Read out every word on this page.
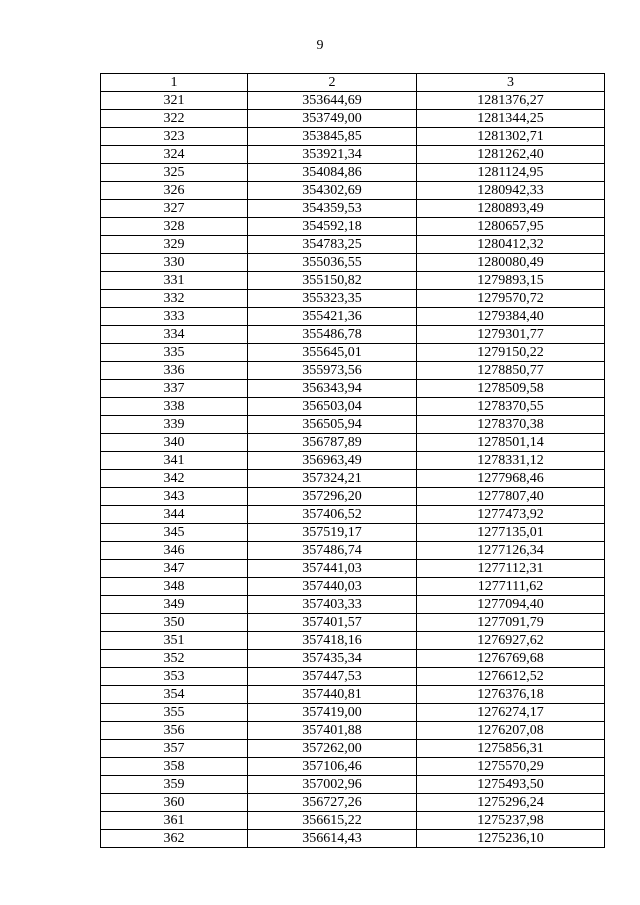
9
1	2	3
321	353644,69	1281376,27
322	353749,00	1281344,25
323	353845,85	1281302,71
324	353921,34	1281262,40
325	354084,86	1281124,95
326	354302,69	1280942,33
327	354359,53	1280893,49
328	354592,18	1280657,95
329	354783,25	1280412,32
330	355036,55	1280080,49
331	355150,82	1279893,15
332	355323,35	1279570,72
333	355421,36	1279384,40
334	355486,78	1279301,77
335	355645,01	1279150,22
336	355973,56	1278850,77
337	356343,94	1278509,58
338	356503,04	1278370,55
339	356505,94	1278370,38
340	356787,89	1278501,14
341	356963,49	1278331,12
342	357324,21	1277968,46
343	357296,20	1277807,40
344	357406,52	1277473,92
345	357519,17	1277135,01
346	357486,74	1277126,34
347	357441,03	1277112,31
348	357440,03	1277111,62
349	357403,33	1277094,40
350	357401,57	1277091,79
351	357418,16	1276927,62
352	357435,34	1276769,68
353	357447,53	1276612,52
354	357440,81	1276376,18
355	357419,00	1276274,17
356	357401,88	1276207,08
357	357262,00	1275856,31
358	357106,46	1275570,29
359	357002,96	1275493,50
360	356727,26	1275296,24
361	356615,22	1275237,98
362	356614,43	1275236,10
